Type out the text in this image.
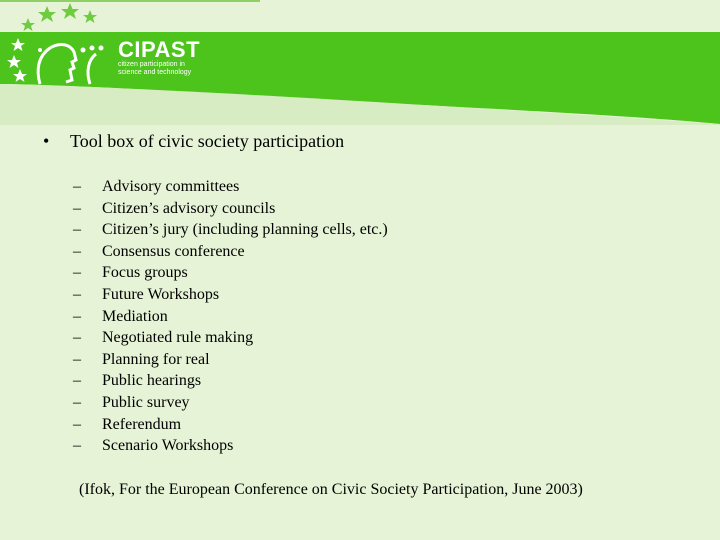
CIPAST
citizen participation in
science and technology
• Tool box of civic society participation
– Advisory committees
– Citizen’s advisory councils
– Citizen’s jury (including planning cells, etc.)
– Consensus conference
– Focus groups
– Future Workshops
– Mediation
– Negotiated rule making
– Planning for real
– Public hearings
– Public survey
– Referendum
– Scenario Workshops
(Ifok, For the European Conference on Civic Society Participation, June 2003)
